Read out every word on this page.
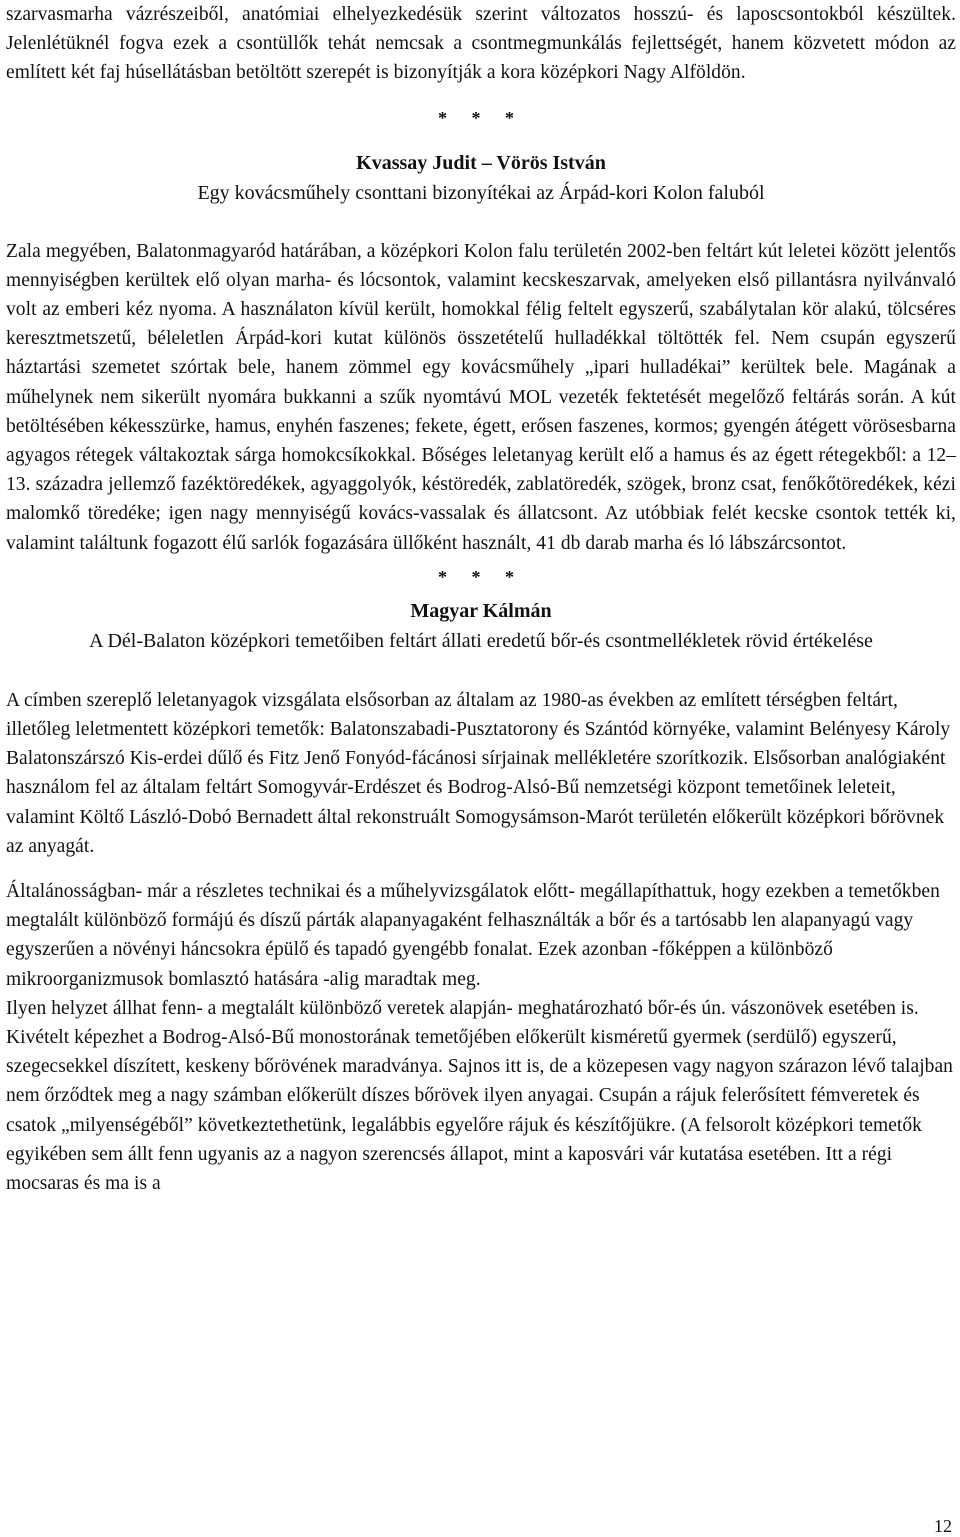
szarvasmarha vázrészeiből, anatómiai elhelyezkedésük szerint változatos hosszú- és laposcsontokból készültek. Jelenlétüknél fogva ezek a csontüllők tehát nemcsak a csontmegmunkálás fejlettségét, hanem közvetett módon az említett két faj húsellátásban betöltött szerepét is bizonyítják a kora középkori Nagy Alföldön.

* * *
Kvassay Judit – Vörös István
Egy kovácsműhely csonttani bizonyítékai az Árpád-kori Kolon faluból

Zala megyében, Balatonmagyaród határában, a középkori Kolon falu területén 2002-ben feltárt kút leletei között jelentős mennyiségben kerültek elő olyan marha- és lócsontok, valamint kecskeszarvak, amelyeken első pillantásra nyilvánvaló volt az emberi kéz nyoma. A használaton kívül került, homokkal félig feltelt egyszerű, szabálytalan kör alakú, tölcséres keresztmetszetű, béleletlen Árpád-kori kutat különös összetételű hulladékkal töltötték fel. Nem csupán egyszerű háztartási szemetet szórtak bele, hanem zömmel egy kovácsműhely „ipari hulladékai” kerültek bele. Magának a műhelynek nem sikerült nyomára bukkanni a szűk nyomtávú MOL vezeték fektetését megelőző feltárás során. A kút betöltésében kékesszürke, hamus, enyhén faszenes; fekete, égett, erősen faszenes, kormos; gyengén átégett vörösesbarna agyagos rétegek váltakoztak sárga homokcsíkokkal. Bőséges leletanyag került elő a hamus és az égett rétegekből: a 12–13. századra jellemző fazéktöredékek, agyaggolyók, késtöredék, zablatöredék, szögek, bronz csat, fenőkőtöredékek, kézi malomkő töredéke; igen nagy mennyiségű kovács-vassalak és állatcsont. Az utóbbiak felét kecske csontok tették ki, valamint találtunk fogazott élű sarlók fogazására üllőként használt, 41 db darab marha és ló lábszárcsontot.

* * *
Magyar Kálmán
A Dél-Balaton középkori temetőiben feltárt állati eredetű bőr-és csontmellékletek rövid értékelése

A címben szereplő leletanyagok vizsgálata elsősorban az általam az 1980-as években az említett térségben feltárt, illetőleg leletmentett középkori temetők: Balatonszabadi-Pusztatorony és Szántód környéke, valamint Belényesy Károly Balatonszárszó Kis-erdei dűlő és Fitz Jenő Fonyód-fácánosi sírjainak mellékletére szorítkozik. Elsősorban analógiaként használom fel az általam feltárt Somogyvár-Erdészet és Bodrog-Alsó-Bű nemzetségi központ temetőinek leleteit, valamint Költő László-Dobó Bernadett által rekonstruált Somogysámson-Marót területén előkerült középkori bőrövnek az anyagát.

Általánosságban- már a részletes technikai és a műhelyvizsgálatok előtt- megállapíthattuk, hogy ezekben a temetőkben megtalált különböző formájú és díszű párták alapanyagaként felhasználták a bőr és a tartósabb len alapanyagú vagy egyszerűen a növényi háncsokra épülő és tapadó gyengébb fonalat. Ezek azonban -főképpen a különböző mikroorganizmusok bomlasztó hatására -alig maradtak meg.

Ilyen helyzet állhat fenn- a megtalált különböző veretek alapján- meghatározható bőr-és ún. vászonövek esetében is. Kivételt képezhet a Bodrog-Alsó-Bű monostorának temetőjében előkerült kisméretű gyermek (serdülő) egyszerű, szegecsekkel díszített, keskeny bőrövének maradványa. Sajnos itt is, de a közepesen vagy nagyon szárazon lévő talajban nem őrződtek meg a nagy számban előkerült díszes bőrövek ilyen anyagai. Csupán a rájuk felerősített fémveretek és csatok „milyenségéből” következtethetünk, legalábbis egyelőre rájuk és készítőjükre. (A felsorolt középkori temetők egyikében sem állt fenn ugyanis az a nagyon szerencsés állapot, mint a kaposvári vár kutatása esetében. Itt a régi mocsaras és ma is a

12
